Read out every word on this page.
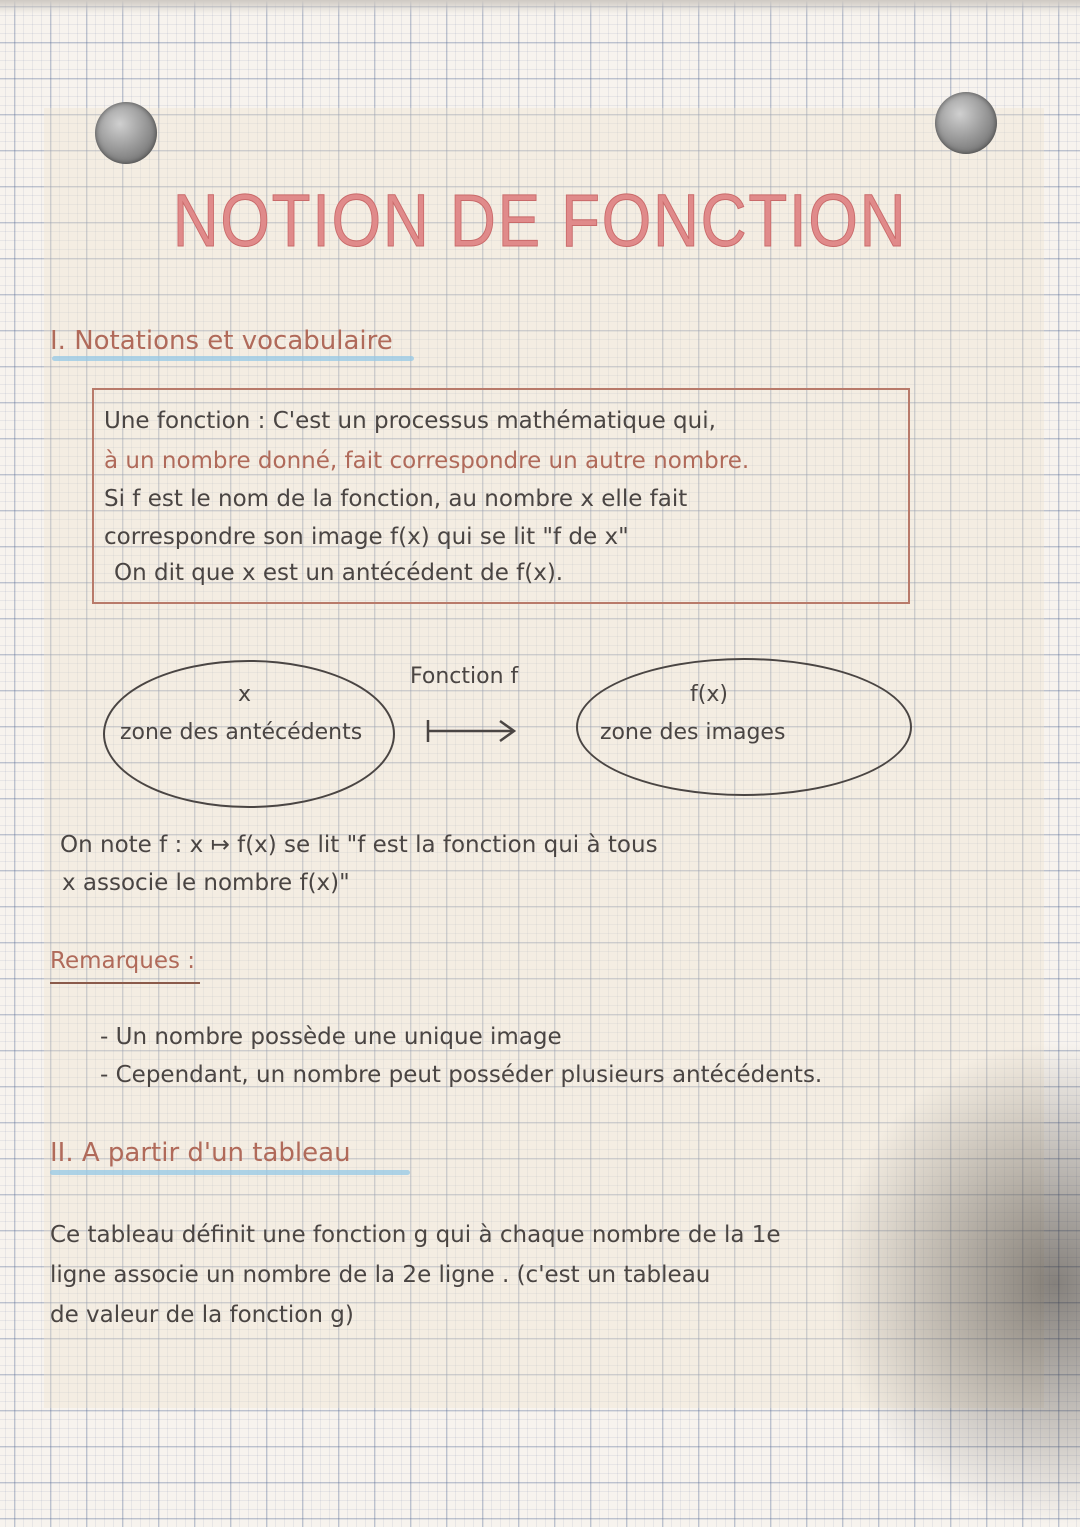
NOTION DE FONCTION
I. Notations et vocabulaire
Une fonction : C'est un processus mathématique qui,
à un nombre donné, fait correspondre un autre nombre.
Si f est le nom de la fonction, au nombre x elle fait
correspondre son image f(x) qui se lit "f de x"
On dit que x est un antécédent de f(x).
x
zone des antécédents
Fonction f
f(x)
zone des images
On note f : x ↦ f(x) se lit "f est la fonction qui à tous
x associe le nombre f(x)"
Remarques :
- Un nombre possède une unique image
- Cependant, un nombre peut posséder plusieurs antécédents.
II. A partir d'un tableau
Ce tableau définit une fonction g qui à chaque nombre de la 1e
ligne associe un nombre de la 2e ligne . (c'est un tableau
de valeur de la fonction g)
